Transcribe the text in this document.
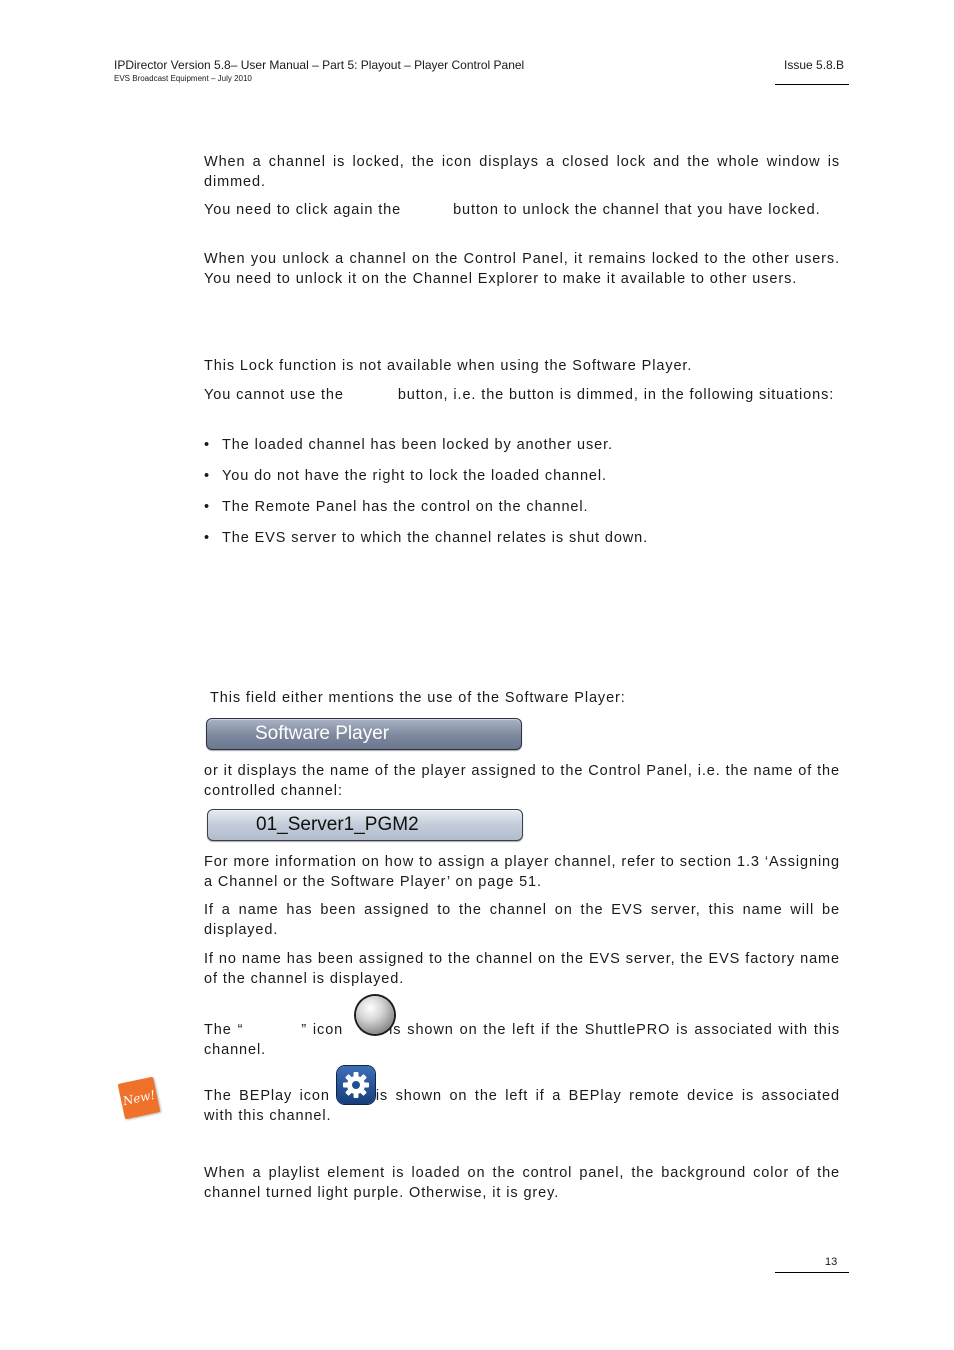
IPDirector Version 5.8– User Manual – Part 5: Playout – Player Control Panel
EVS Broadcast Equipment – July 2010
Issue 5.8.B
When a channel is locked, the icon displays a closed lock and the whole window is dimmed.
You need to click again the	button to unlock the channel that you have locked.
When you unlock a channel on the Control Panel, it remains locked to the other users. You need to unlock it on the Channel Explorer to make it available to other users.
This Lock function is not available when using the Software Player.
You cannot use the	button, i.e. the button is dimmed, in the following situations:
• The loaded channel has been locked by another user.
• You do not have the right to lock the loaded channel.
• The Remote Panel has the control on the channel.
• The EVS server to which the channel relates is shut down.
This field either mentions the use of the Software Player:
Software Player
or it displays the name of the player assigned to the Control Panel, i.e. the name of the controlled channel:
01_Server1_PGM2
For more information on how to assign a player channel, refer to section 1.3 ‘Assigning a Channel or the Software Player’ on page 51.
If a name has been assigned to the channel on the EVS server, this name will be displayed.
If no name has been assigned to the channel on the EVS server, the EVS factory name of the channel is displayed.
The “	” icon	is shown on the left if the ShuttlePRO is associated with this channel.
New!	The BEPlay icon	is shown on the left if a BEPlay remote device is associated with this channel.
When a playlist element is loaded on the control panel, the background color of the channel turned light purple. Otherwise, it is grey.
13
